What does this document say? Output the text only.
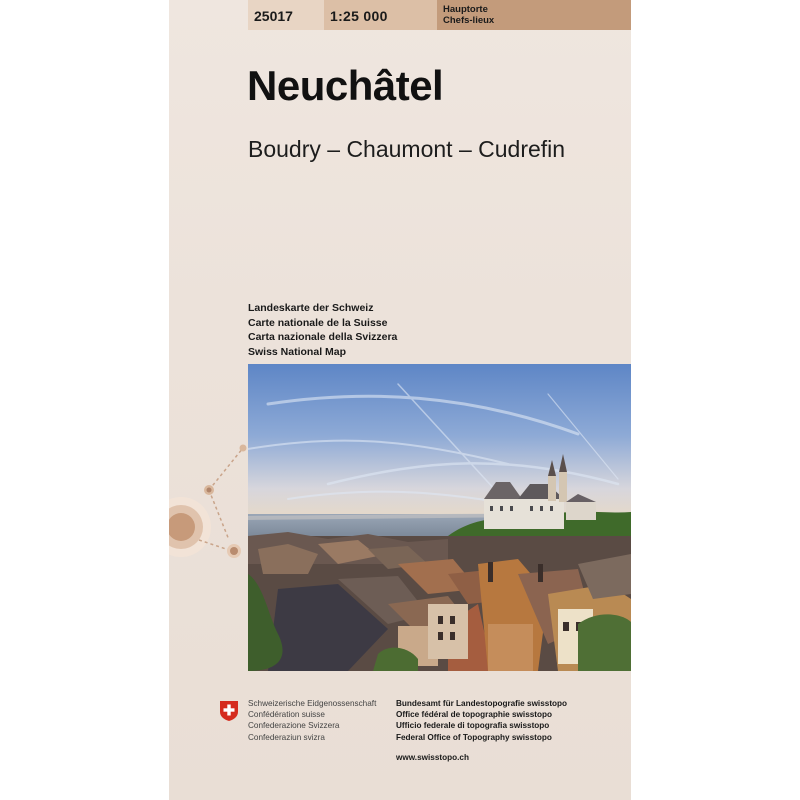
25017	1:25 000	Hauptorte
Chefs-lieux
Neuchâtel
Boudry – Chaumont – Cudrefin
Landeskarte der Schweiz
Carte nationale de la Suisse
Carta nazionale della Svizzera
Swiss National Map
Schweizerische Eidgenossenschaft
Confédération suisse
Confederazione Svizzera
Confederaziun svizra
Bundesamt für Landestopografie swisstopo
Office fédéral de topographie swisstopo
Ufficio federale di topografia swisstopo
Federal Office of Topography swisstopo
www.swisstopo.ch
